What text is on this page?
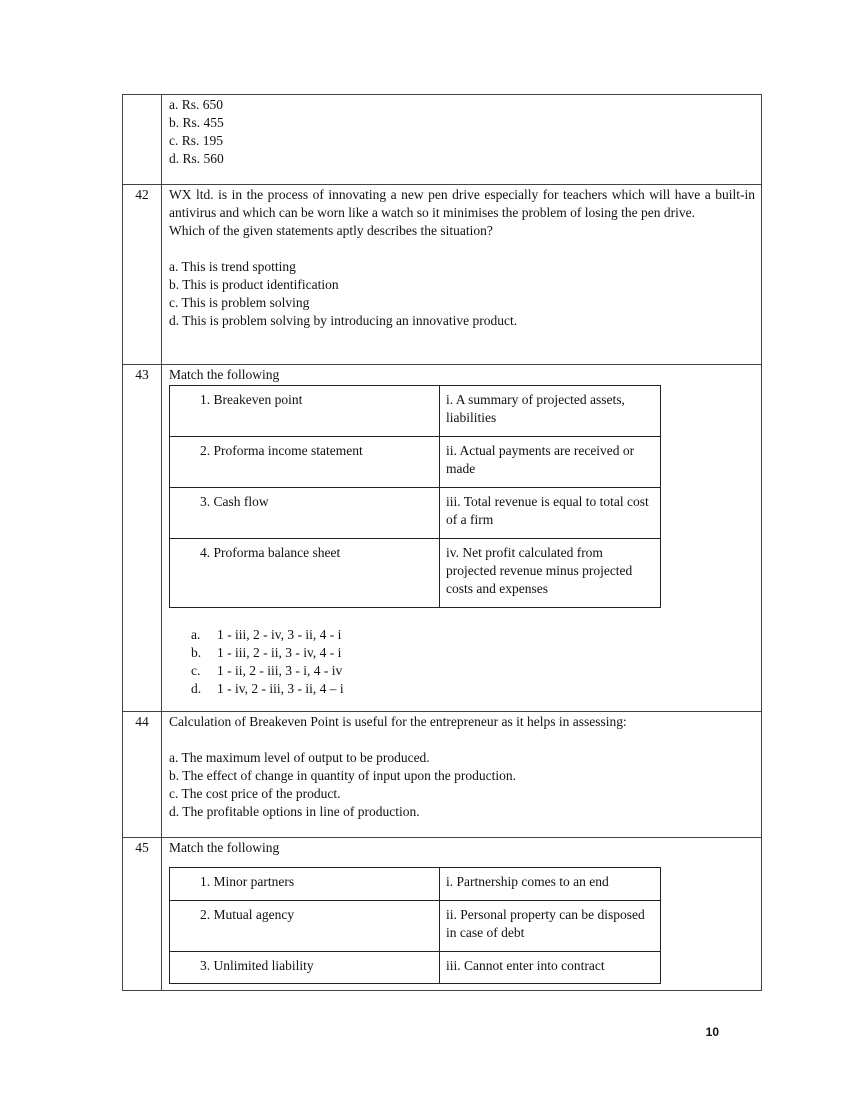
a. Rs. 650
b. Rs. 455
c. Rs. 195
d. Rs. 560

42	WX ltd. is in the process of innovating a new pen drive especially for teachers which will have a built-in antivirus and which can be worn like a watch so it minimises the problem of losing the pen drive.
Which of the given statements aptly describes the situation?
a. This is trend spotting
b. This is product identification
c. This is problem solving
d. This is problem solving by introducing an innovative product.

43	Match the following
1. Breakeven point	i. A summary of projected assets, liabilities
2. Proforma income statement	ii. Actual payments are received or made
3. Cash flow	iii. Total revenue is equal to total cost of a firm
4. Proforma balance sheet	iv. Net profit calculated from projected revenue minus projected costs and expenses
a.	1 - iii, 2 - iv, 3 - ii, 4 - i
b.	1 - iii, 2 - ii, 3 - iv, 4 - i
c.	1 - ii, 2 - iii, 3 - i, 4 - iv
d.	1 - iv, 2 - iii, 3 - ii, 4 – i

44	Calculation of Breakeven Point is useful for the entrepreneur as it helps in assessing:
a. The maximum level of output to be produced.
b. The effect of change in quantity of input upon the production.
c. The cost price of the product.
d. The profitable options in line of production.

45	Match the following
1. Minor partners	i. Partnership comes to an end
2. Mutual agency	ii. Personal property can be disposed in case of debt
3. Unlimited liability	iii. Cannot enter into contract
10
